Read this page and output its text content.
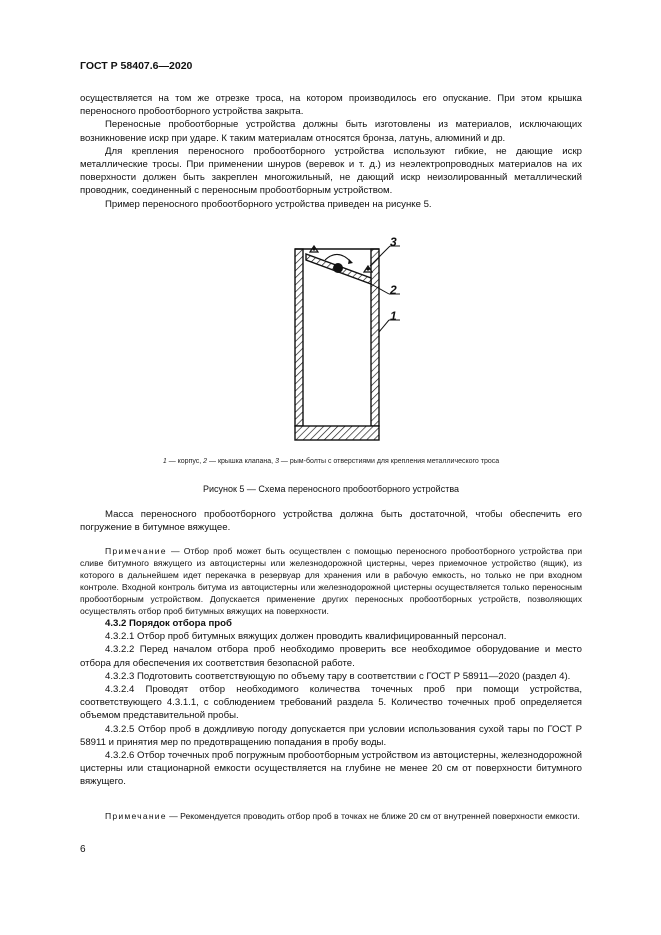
ГОСТ Р 58407.6—2020

осуществляется на том же отрезке троса, на котором производилось его опускание. При этом крышка переносного пробоотборного устройства закрыта.

Переносные пробоотборные устройства должны быть изготовлены из материалов, исключающих возникновение искр при ударе. К таким материалам относятся бронза, латунь, алюминий и др.

Для крепления переносного пробоотборного устройства используют гибкие, не дающие искр металлические тросы. При применении шнуров (веревок и т. д.) из неэлектропроводных материалов на их поверхности должен быть закреплен многожильный, не дающий искр неизолированный металлический проводник, соединенный с переносным пробоотборным устройством.

Пример переносного пробоотборного устройства приведен на рисунке 5.

3
2
1
1 — корпус, 2 — крышка клапана, 3 — рым-болты с отверстиями для крепления металлического троса
Рисунок 5 — Схема переносного пробоотборного устройства

Масса переносного пробоотборного устройства должна быть достаточной, чтобы обеспечить его погружение в битумное вяжущее.

Примечание — Отбор проб может быть осуществлен с помощью переносного пробоотборного устройства при сливе битумного вяжущего из автоцистерны или железнодорожной цистерны, через приемочное устройство (ящик), из которого в дальнейшем идет перекачка в резервуар для хранения или в рабочую емкость, но только не при входном контроле. Входной контроль битума из автоцистерны или железнодорожной цистерны осуществляется только переносным пробоотборным устройством. Допускается применение других переносных пробоотборных устройств, позволяющих осуществлять отбор проб битумных вяжущих на поверхности.

4.3.2 Порядок отбора проб

4.3.2.1 Отбор проб битумных вяжущих должен проводить квалифицированный персонал.

4.3.2.2 Перед началом отбора проб необходимо проверить все необходимое оборудование и место отбора для обеспечения их соответствия безопасной работе.

4.3.2.3 Подготовить соответствующую по объему тару в соответствии с ГОСТ Р 58911—2020 (раздел 4).

4.3.2.4 Проводят отбор необходимого количества точечных проб при помощи устройства, соответствующего 4.3.1.1, с соблюдением требований раздела 5. Количество точечных проб определяется объемом представительной пробы.

4.3.2.5 Отбор проб в дождливую погоду допускается при условии использования сухой тары по ГОСТ Р 58911 и принятия мер по предотвращению попадания в пробу воды.

4.3.2.6 Отбор точечных проб погружным пробоотборным устройством из автоцистерны, железнодорожной цистерны или стационарной емкости осуществляется на глубине не менее 20 см от поверхности битумного вяжущего.

Примечание — Рекомендуется проводить отбор проб в точках не ближе 20 см от внутренней поверхности емкости.

6
